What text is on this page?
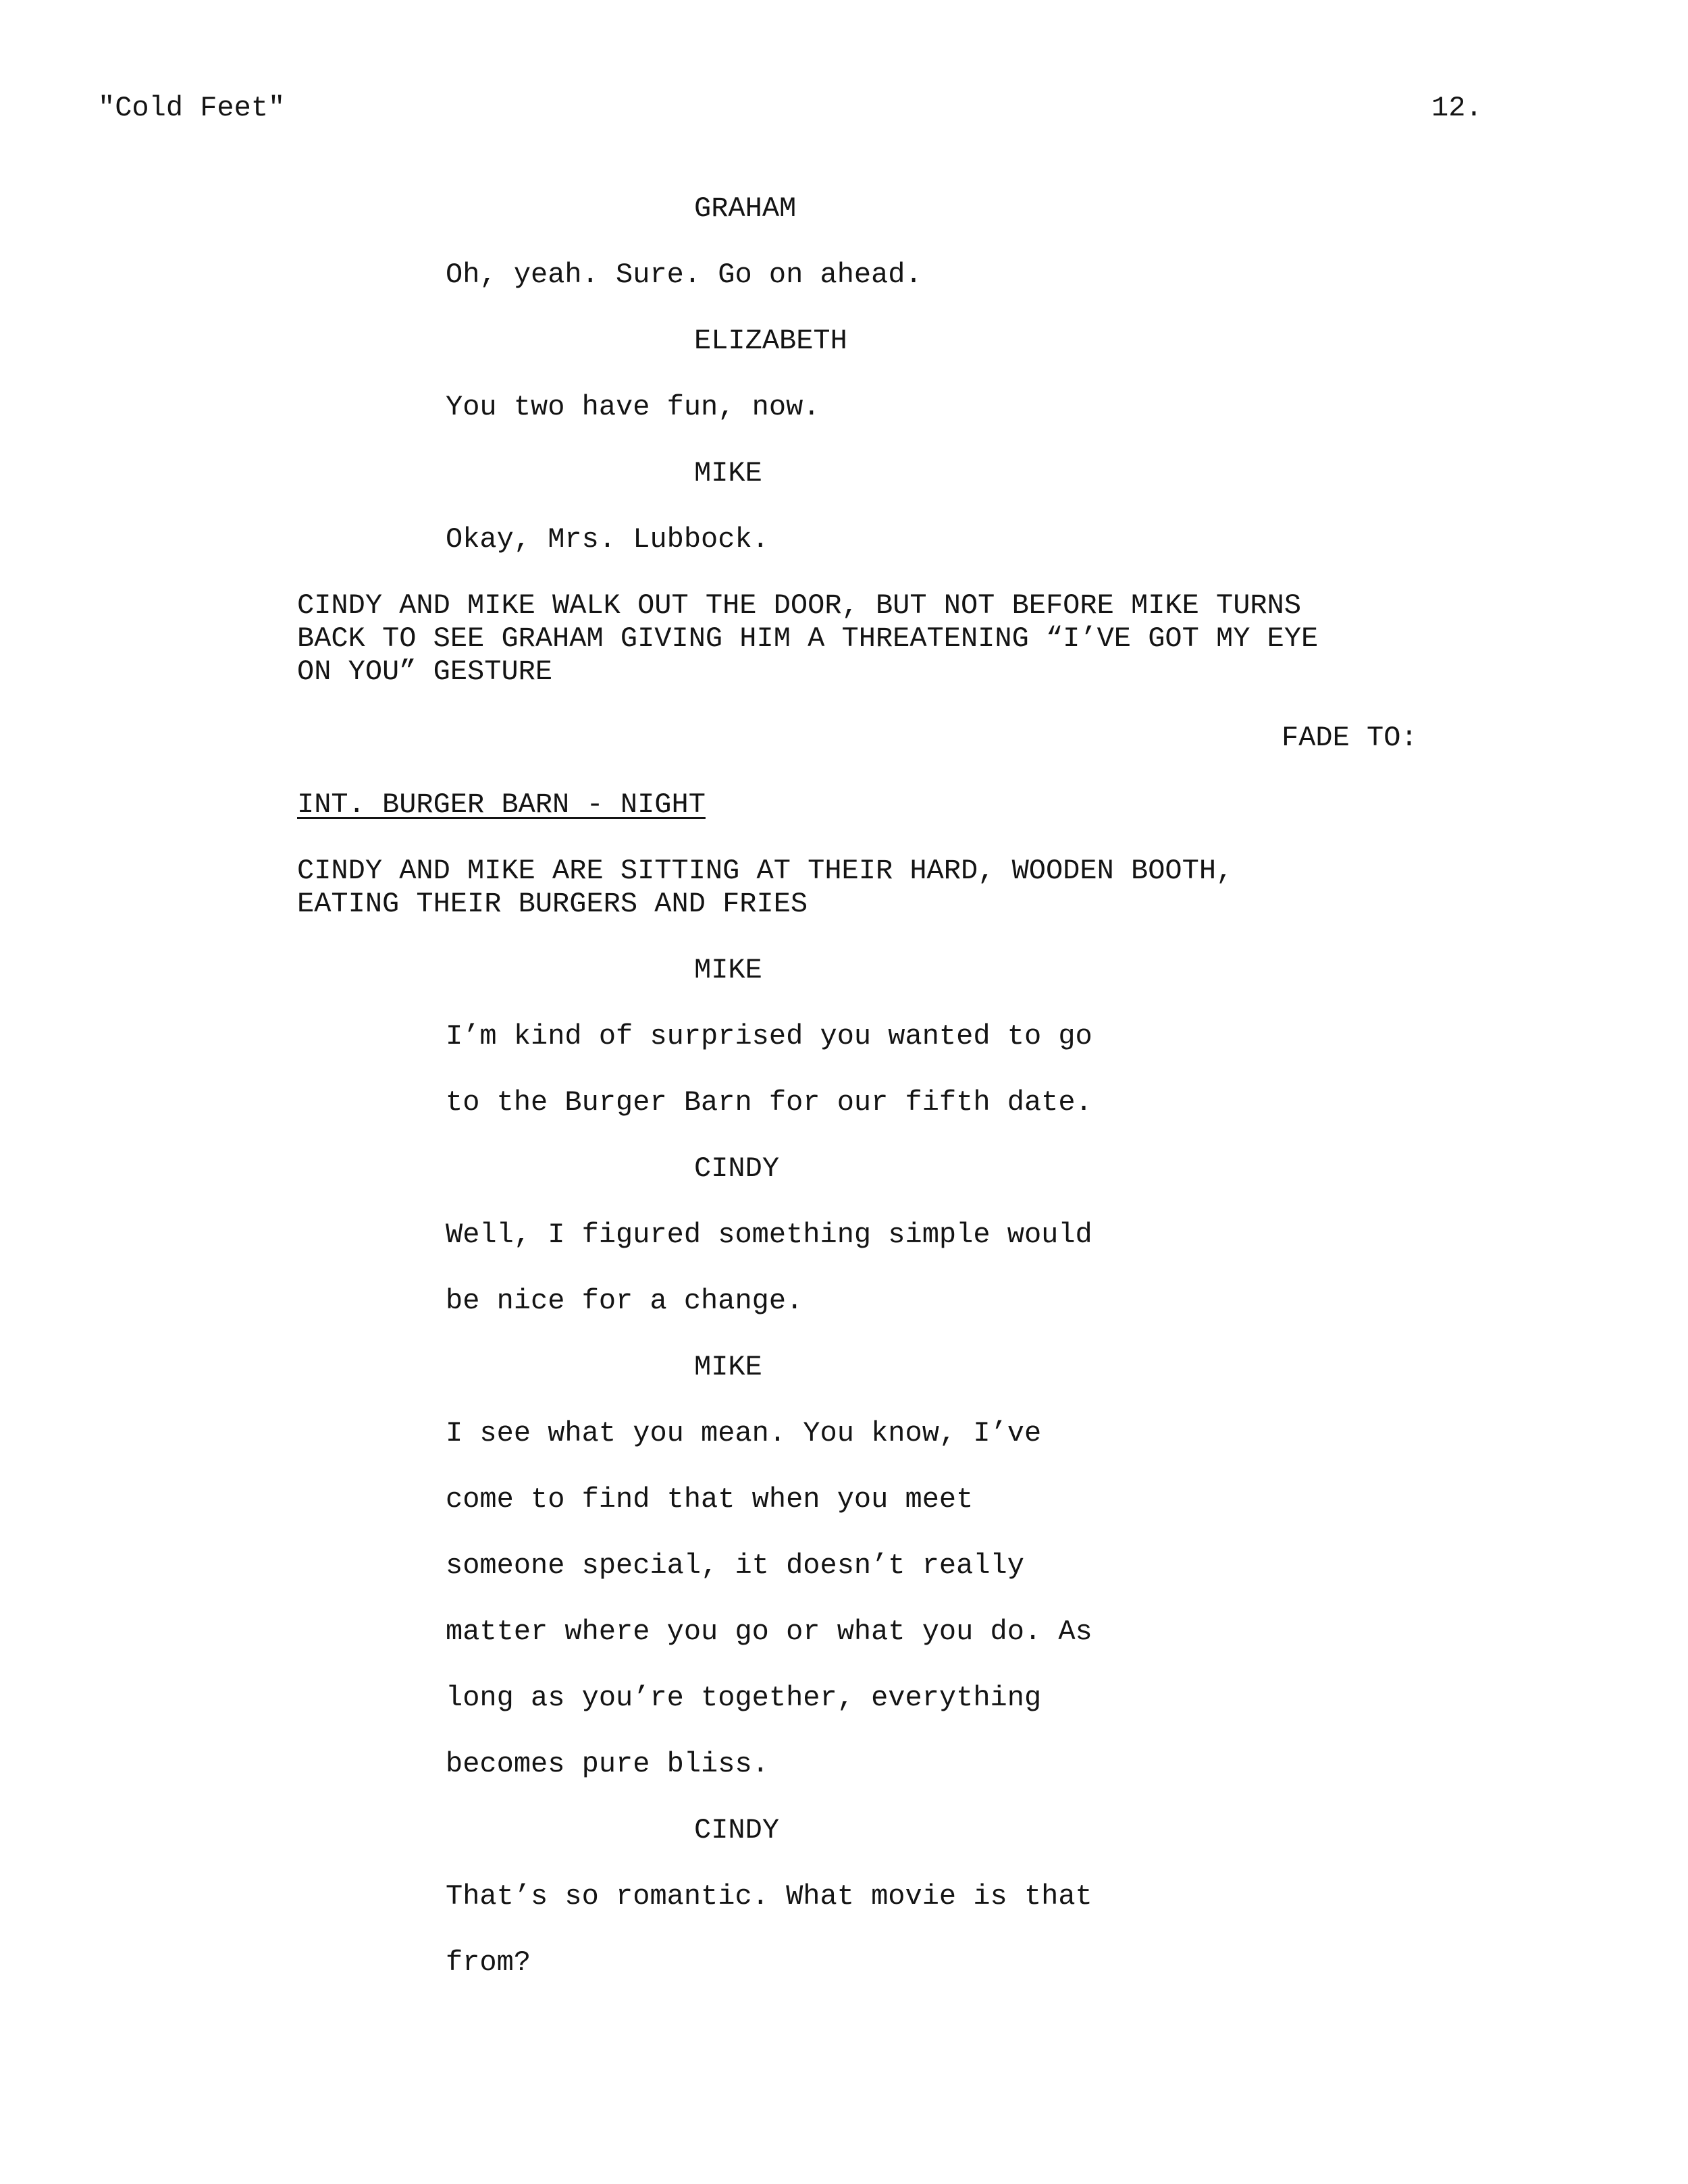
"Cold Feet"	12.
GRAHAM
Oh, yeah. Sure. Go on ahead.
ELIZABETH
You two have fun, now.
MIKE
Okay, Mrs. Lubbock.
CINDY AND MIKE WALK OUT THE DOOR, BUT NOT BEFORE MIKE TURNS
BACK TO SEE GRAHAM GIVING HIM A THREATENING “I’VE GOT MY EYE
ON YOU” GESTURE
FADE TO:
INT. BURGER BARN - NIGHT
CINDY AND MIKE ARE SITTING AT THEIR HARD, WOODEN BOOTH,
EATING THEIR BURGERS AND FRIES
MIKE
I’m kind of surprised you wanted to go
to the Burger Barn for our fifth date.
CINDY
Well, I figured something simple would
be nice for a change.
MIKE
I see what you mean. You know, I’ve
come to find that when you meet
someone special, it doesn’t really
matter where you go or what you do. As
long as you’re together, everything
becomes pure bliss.
CINDY
That’s so romantic. What movie is that
from?
